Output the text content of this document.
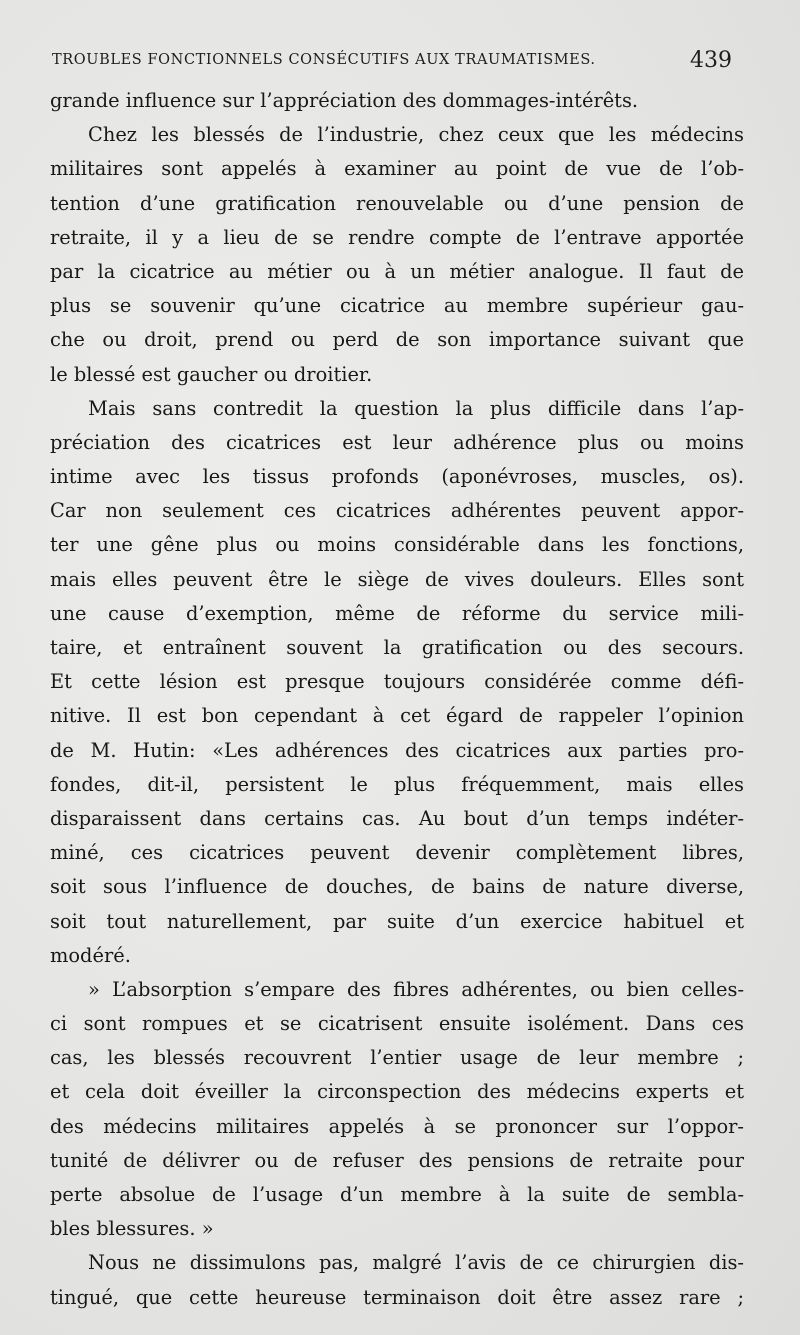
TROUBLES FONCTIONNELS CONSÉCUTIFS AUX TRAUMATISMES.	439
grande influence sur l’appréciation des dommages-intérêts.
Chez les blessés de l’industrie, chez ceux que les médecins
militaires sont appelés à examiner au point de vue de l’ob-
tention d’une gratification renouvelable ou d’une pension de
retraite, il y a lieu de se rendre compte de l’entrave apportée
par la cicatrice au métier ou à un métier analogue. Il faut de
plus se souvenir qu’une cicatrice au membre supérieur gau-
che ou droit, prend ou perd de son importance suivant que
le blessé est gaucher ou droitier.
Mais sans contredit la question la plus difficile dans l’ap-
préciation des cicatrices est leur adhérence plus ou moins
intime avec les tissus profonds (aponévroses, muscles, os).
Car non seulement ces cicatrices adhérentes peuvent appor-
ter une gêne plus ou moins considérable dans les fonctions,
mais elles peuvent être le siège de vives douleurs. Elles sont
une cause d’exemption, même de réforme du service mili-
taire, et entraînent souvent la gratification ou des secours.
Et cette lésion est presque toujours considérée comme défi-
nitive. Il est bon cependant à cet égard de rappeler l’opinion
de M. Hutin: «Les adhérences des cicatrices aux parties pro-
fondes, dit-il, persistent le plus fréquemment, mais elles
disparaissent dans certains cas. Au bout d’un temps indéter-
miné, ces cicatrices peuvent devenir complètement libres,
soit sous l’influence de douches, de bains de nature diverse,
soit tout naturellement, par suite d’un exercice habituel et
modéré.
» L’absorption s’empare des fibres adhérentes, ou bien celles-
ci sont rompues et se cicatrisent ensuite isolément. Dans ces
cas, les blessés recouvrent l’entier usage de leur membre ;
et cela doit éveiller la circonspection des médecins experts et
des médecins militaires appelés à se prononcer sur l’oppor-
tunité de délivrer ou de refuser des pensions de retraite pour
perte absolue de l’usage d’un membre à la suite de sembla-
bles blessures. »
Nous ne dissimulons pas, malgré l’avis de ce chirurgien dis-
tingué, que cette heureuse terminaison doit être assez rare ;
